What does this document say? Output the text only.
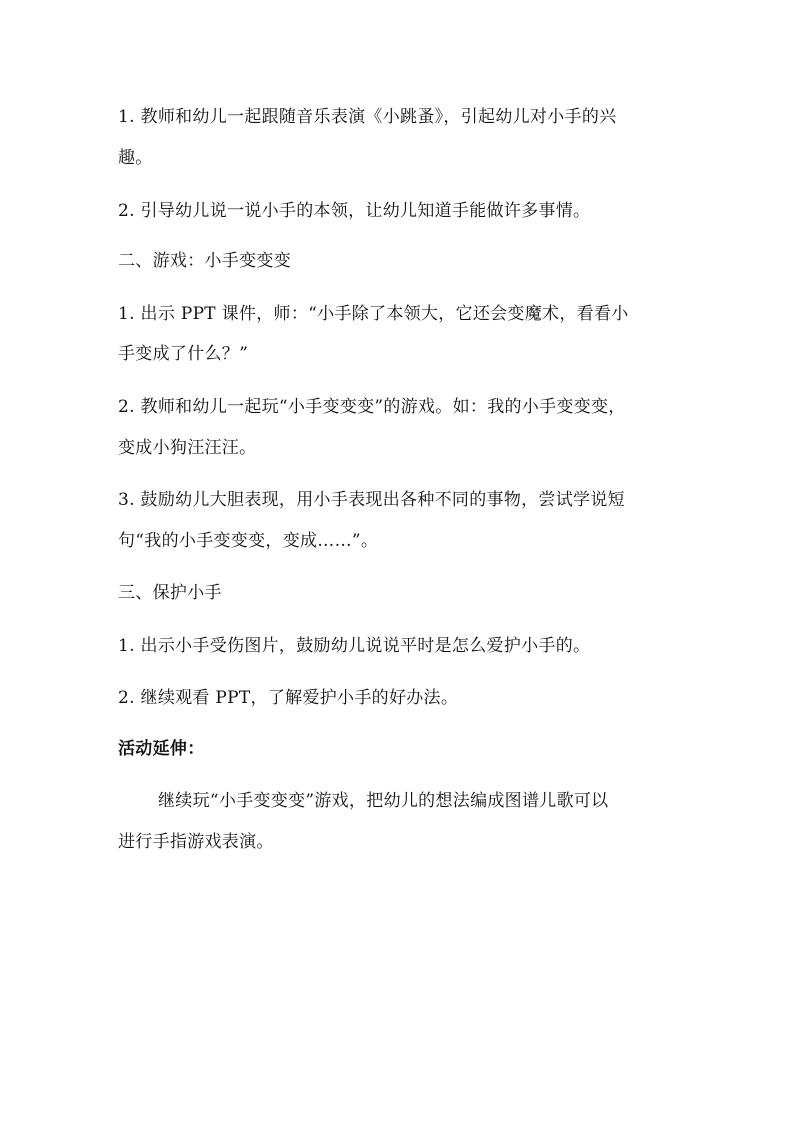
1. 教师和幼儿一起跟随音乐表演《小跳蚤》，引起幼儿对小手的兴
趣。
2. 引导幼儿说一说小手的本领，让幼儿知道手能做许多事情。
二、游戏：小手变变变
1. 出示 PPT 课件，师：“小手除了本领大，它还会变魔术，看看小
手变成了什么？”
2. 教师和幼儿一起玩“小手变变变”的游戏。如：我的小手变变变，
变成小狗汪汪汪。
3. 鼓励幼儿大胆表现，用小手表现出各种不同的事物，尝试学说短
句“我的小手变变变，变成……”。
三、保护小手
1. 出示小手受伤图片，鼓励幼儿说说平时是怎么爱护小手的。
2. 继续观看 PPT，了解爱护小手的好办法。
活动延伸：
继续玩“小手变变变”游戏，把幼儿的想法编成图谱儿歌可以
进行手指游戏表演。
